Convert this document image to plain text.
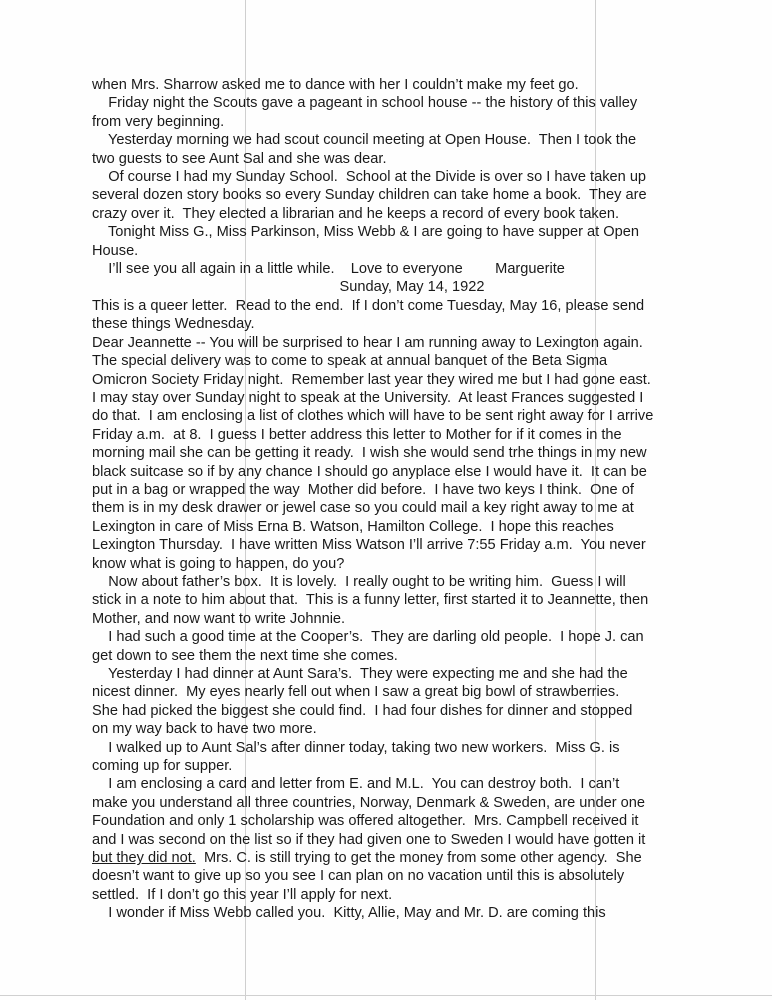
when Mrs. Sharrow asked me to dance with her I couldn’t make my feet go.
Friday night the Scouts gave a pageant in school house -- the history of this valley
from very beginning.
Yesterday morning we had scout council meeting at Open House.  Then I took the
two guests to see Aunt Sal and she was dear.
Of course I had my Sunday School.  School at the Divide is over so I have taken up
several dozen story books so every Sunday children can take home a book.  They are
crazy over it.  They elected a librarian and he keeps a record of every book taken.
Tonight Miss G., Miss Parkinson, Miss Webb & I are going to have supper at Open
House.
I’ll see you all again in a little while.    Love to everyone        Marguerite
Sunday, May 14, 1922
This is a queer letter.  Read to the end.  If I don’t come Tuesday, May 16, please send
these things Wednesday.
Dear Jeannette -- You will be surprised to hear I am running away to Lexington again.
The special delivery was to come to speak at annual banquet of the Beta Sigma
Omicron Society Friday night.  Remember last year they wired me but I had gone east.
I may stay over Sunday night to speak at the University.  At least Frances suggested I
do that.  I am enclosing a list of clothes which will have to be sent right away for I arrive
Friday a.m.  at 8.  I guess I better address this letter to Mother for if it comes in the
morning mail she can be getting it ready.  I wish she would send trhe things in my new
black suitcase so if by any chance I should go anyplace else I would have it.  It can be
put in a bag or wrapped the way  Mother did before.  I have two keys I think.  One of
them is in my desk drawer or jewel case so you could mail a key right away to me at
Lexington in care of Miss Erna B. Watson, Hamilton College.  I hope this reaches
Lexington Thursday.  I have written Miss Watson I’ll arrive 7:55 Friday a.m.  You never
know what is going to happen, do you?
Now about father’s box.  It is lovely.  I really ought to be writing him.  Guess I will
stick in a note to him about that.  This is a funny letter, first started it to Jeannette, then
Mother, and now want to write Johnnie.
I had such a good time at the Cooper’s.  They are darling old people.  I hope J. can
get down to see them the next time she comes.
Yesterday I had dinner at Aunt Sara’s.  They were expecting me and she had the
nicest dinner.  My eyes nearly fell out when I saw a great big bowl of strawberries.
She had picked the biggest she could find.  I had four dishes for dinner and stopped
on my way back to have two more.
I walked up to Aunt Sal’s after dinner today, taking two new workers.  Miss G. is
coming up for supper.
I am enclosing a card and letter from E. and M.L.  You can destroy both.  I can’t
make you understand all three countries, Norway, Denmark & Sweden, are under one
Foundation and only 1 scholarship was offered altogether.  Mrs. Campbell received it
and I was second on the list so if they had given one to Sweden I would have gotten it
but they did not.  Mrs. C. is still trying to get the money from some other agency.  She
doesn’t want to give up so you see I can plan on no vacation until this is absolutely
settled.  If I don’t go this year I’ll apply for next.
I wonder if Miss Webb called you.  Kitty, Allie, May and Mr. D. are coming this
